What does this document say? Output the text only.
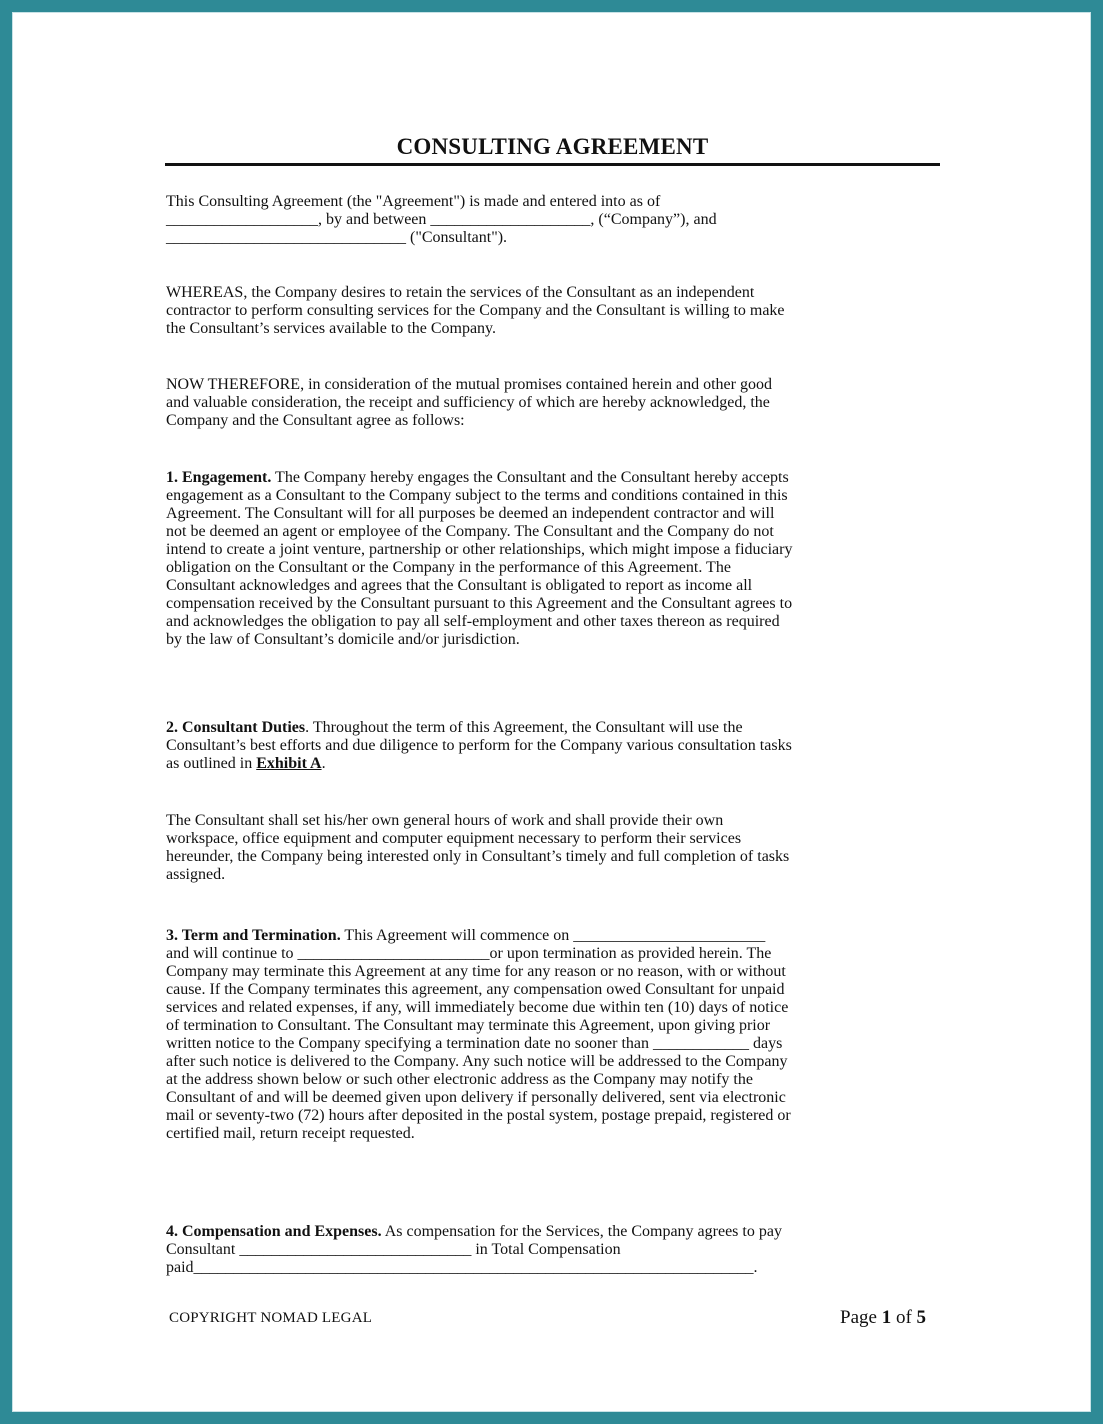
CONSULTING AGREEMENT

This Consulting Agreement (the "Agreement") is made and entered into as of
___________________, by and between ____________________, (“Company”), and
______________________________ ("Consultant").

WHEREAS, the Company desires to retain the services of the Consultant as an independent
contractor to perform consulting services for the Company and the Consultant is willing to make
the Consultant’s services available to the Company.

NOW THEREFORE, in consideration of the mutual promises contained herein and other good
and valuable consideration, the receipt and sufficiency of which are hereby acknowledged, the
Company and the Consultant agree as follows:

1. Engagement. The Company hereby engages the Consultant and the Consultant hereby accepts
engagement as a Consultant to the Company subject to the terms and conditions contained in this
Agreement. The Consultant will for all purposes be deemed an independent contractor and will
not be deemed an agent or employee of the Company. The Consultant and the Company do not
intend to create a joint venture, partnership or other relationships, which might impose a fiduciary
obligation on the Consultant or the Company in the performance of this Agreement. The
Consultant acknowledges and agrees that the Consultant is obligated to report as income all
compensation received by the Consultant pursuant to this Agreement and the Consultant agrees to
and acknowledges the obligation to pay all self-employment and other taxes thereon as required
by the law of Consultant’s domicile and/or jurisdiction.

2. Consultant Duties. Throughout the term of this Agreement, the Consultant will use the
Consultant’s best efforts and due diligence to perform for the Company various consultation tasks
as outlined in Exhibit A.

The Consultant shall set his/her own general hours of work and shall provide their own
workspace, office equipment and computer equipment necessary to perform their services
hereunder, the Company being interested only in Consultant’s timely and full completion of tasks
assigned.

3. Term and Termination. This Agreement will commence on ________________________
and will continue to ________________________or upon termination as provided herein. The
Company may terminate this Agreement at any time for any reason or no reason, with or without
cause. If the Company terminates this agreement, any compensation owed Consultant for unpaid
services and related expenses, if any, will immediately become due within ten (10) days of notice
of termination to Consultant. The Consultant may terminate this Agreement, upon giving prior
written notice to the Company specifying a termination date no sooner than ____________ days
after such notice is delivered to the Company. Any such notice will be addressed to the Company
at the address shown below or such other electronic address as the Company may notify the
Consultant of and will be deemed given upon delivery if personally delivered, sent via electronic
mail or seventy-two (72) hours after deposited in the postal system, postage prepaid, registered or
certified mail, return receipt requested.

4. Compensation and Expenses. As compensation for the Services, the Company agrees to pay
Consultant _____________________________ in Total Compensation
paid______________________________________________________________________.

COPYRIGHT NOMAD LEGAL	Page 1 of 5
